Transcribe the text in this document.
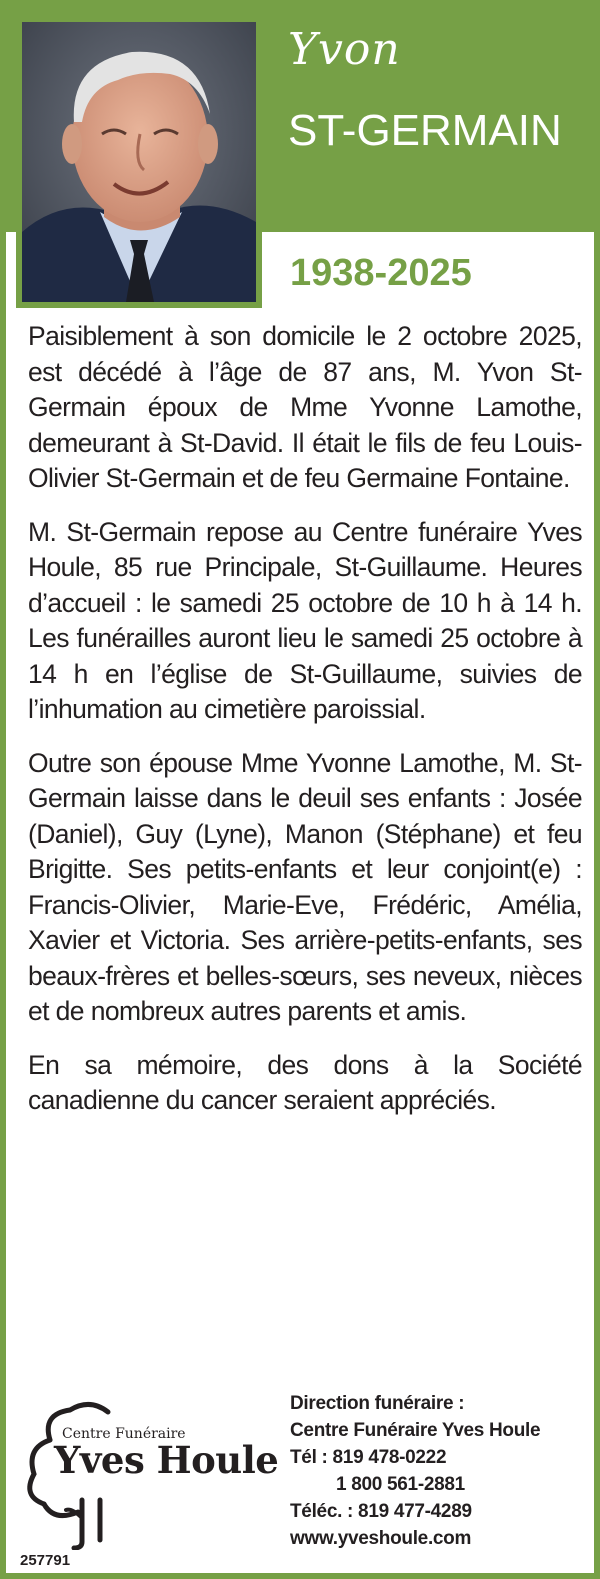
Yvon
ST-GERMAIN
1938-2025

Paisiblement à son domicile le 2 octobre 2025, est décédé à l’âge de 87 ans, M. Yvon St-Germain époux de Mme Yvonne Lamothe, demeurant à St-David. Il était le fils de feu Louis-Olivier St-Germain et de feu Germaine Fontaine.

M. St-Germain repose au Centre funéraire Yves Houle, 85 rue Principale, St-Guillaume. Heures d’accueil : le samedi 25 octobre de 10 h à 14 h. Les funérailles auront lieu le samedi 25 octobre à 14 h en l’église de St-Guillaume, suivies de l’inhumation au cimetière paroissial.

Outre son épouse Mme Yvonne Lamothe, M. St-Germain laisse dans le deuil ses enfants : Josée (Daniel), Guy (Lyne), Manon (Stéphane) et feu Brigitte. Ses petits-enfants et leur conjoint(e) : Francis-Olivier, Marie-Eve, Frédéric, Amélia, Xavier et Victoria. Ses arrière-petits-enfants, ses beaux-frères et belles-sœurs, ses neveux, nièces et de nombreux autres parents et amis.

En sa mémoire, des dons à la Société canadienne du cancer seraient appréciés.

Centre Funéraire
Yves Houle
Direction funéraire :
Centre Funéraire Yves Houle
Tél : 819 478-0222
1 800 561-2881
Téléc. : 819 477-4289
www.yveshoule.com
257791
